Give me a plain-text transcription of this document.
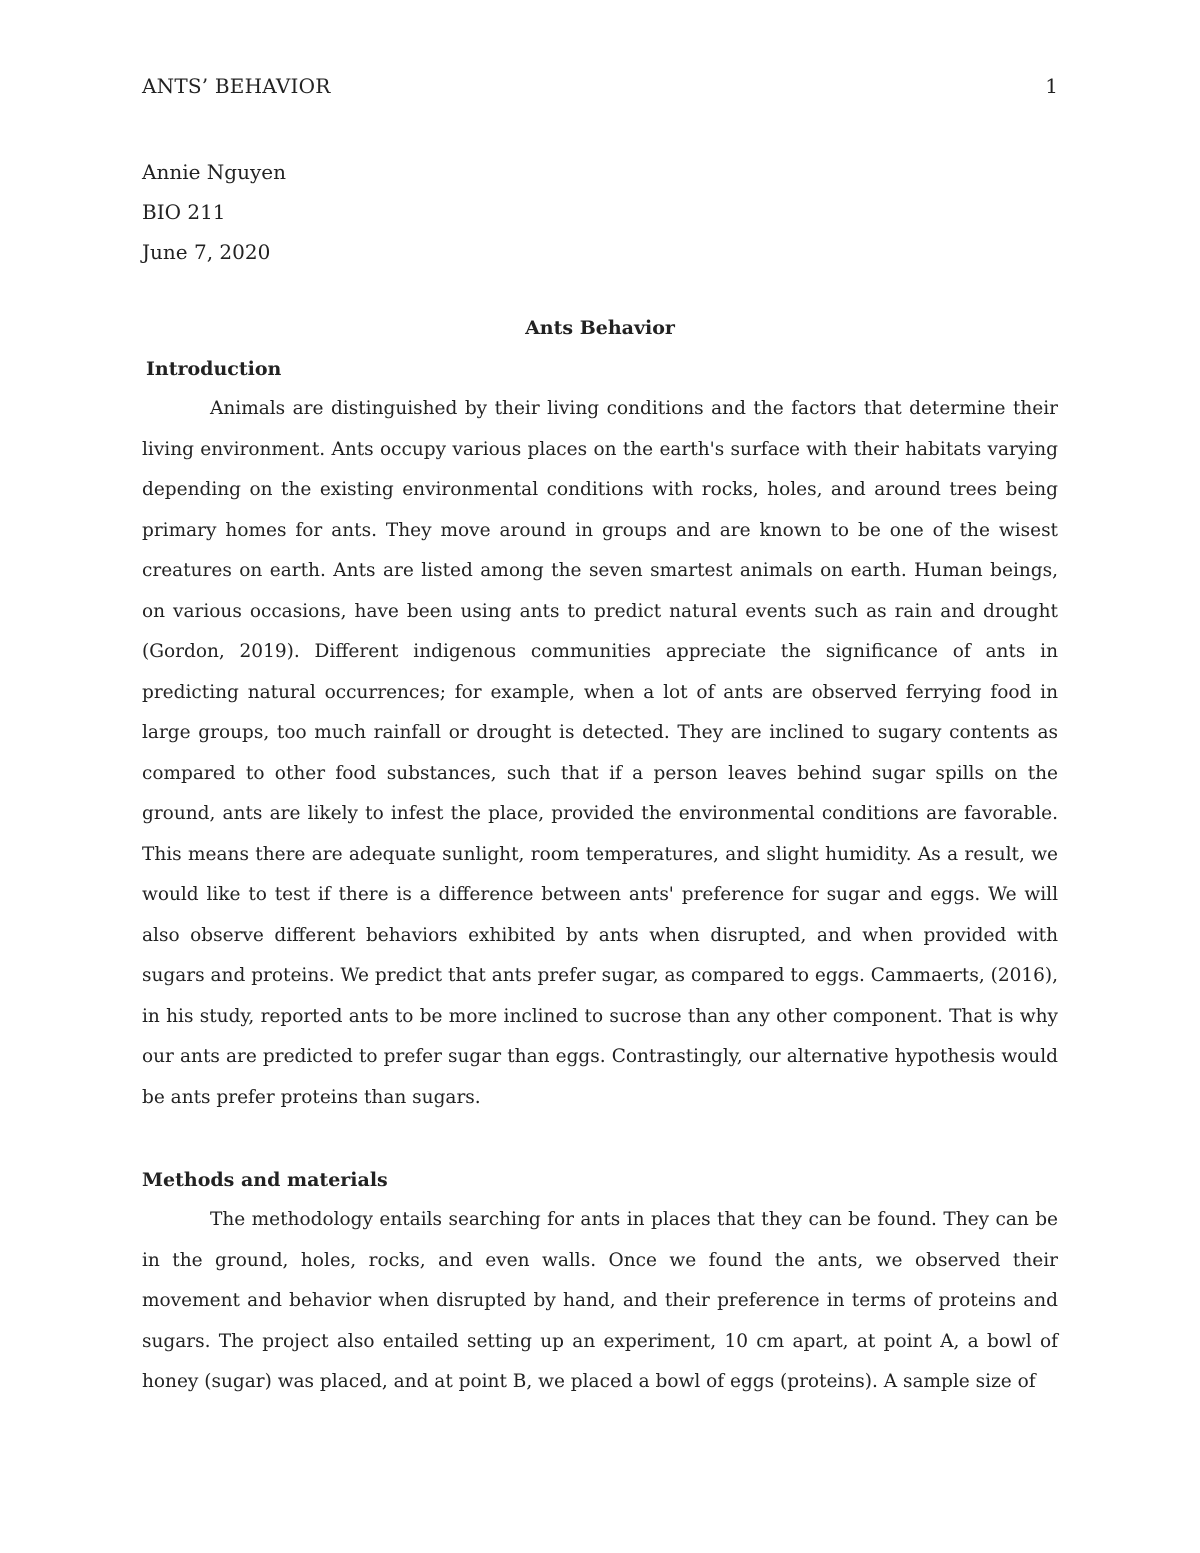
ANTS’ BEHAVIOR	1
Annie Nguyen
BIO 211
June 7, 2020
Ants Behavior
Introduction

Animals are distinguished by their living conditions and the factors that determine their living environment. Ants occupy various places on the earth's surface with their habitats varying depending on the existing environmental conditions with rocks, holes, and around trees being primary homes for ants. They move around in groups and are known to be one of the wisest creatures on earth. Ants are listed among the seven smartest animals on earth. Human beings, on various occasions, have been using ants to predict natural events such as rain and drought (Gordon, 2019). Different indigenous communities appreciate the significance of ants in predicting natural occurrences; for example, when a lot of ants are observed ferrying food in large groups, too much rainfall or drought is detected. They are inclined to sugary contents as compared to other food substances, such that if a person leaves behind sugar spills on the ground, ants are likely to infest the place, provided the environmental conditions are favorable. This means there are adequate sunlight, room temperatures, and slight humidity. As a result, we would like to test if there is a difference between ants' preference for sugar and eggs. We will also observe different behaviors exhibited by ants when disrupted, and when provided with sugars and proteins. We predict that ants prefer sugar, as compared to eggs. Cammaerts, (2016), in his study, reported ants to be more inclined to sucrose than any other component. That is why our ants are predicted to prefer sugar than eggs. Contrastingly, our alternative hypothesis would be ants prefer proteins than sugars.

Methods and materials

The methodology entails searching for ants in places that they can be found. They can be in the ground, holes, rocks, and even walls. Once we found the ants, we observed their movement and behavior when disrupted by hand, and their preference in terms of proteins and sugars. The project also entailed setting up an experiment, 10 cm apart, at point A, a bowl of honey (sugar) was placed, and at point B, we placed a bowl of eggs (proteins). A sample size of
